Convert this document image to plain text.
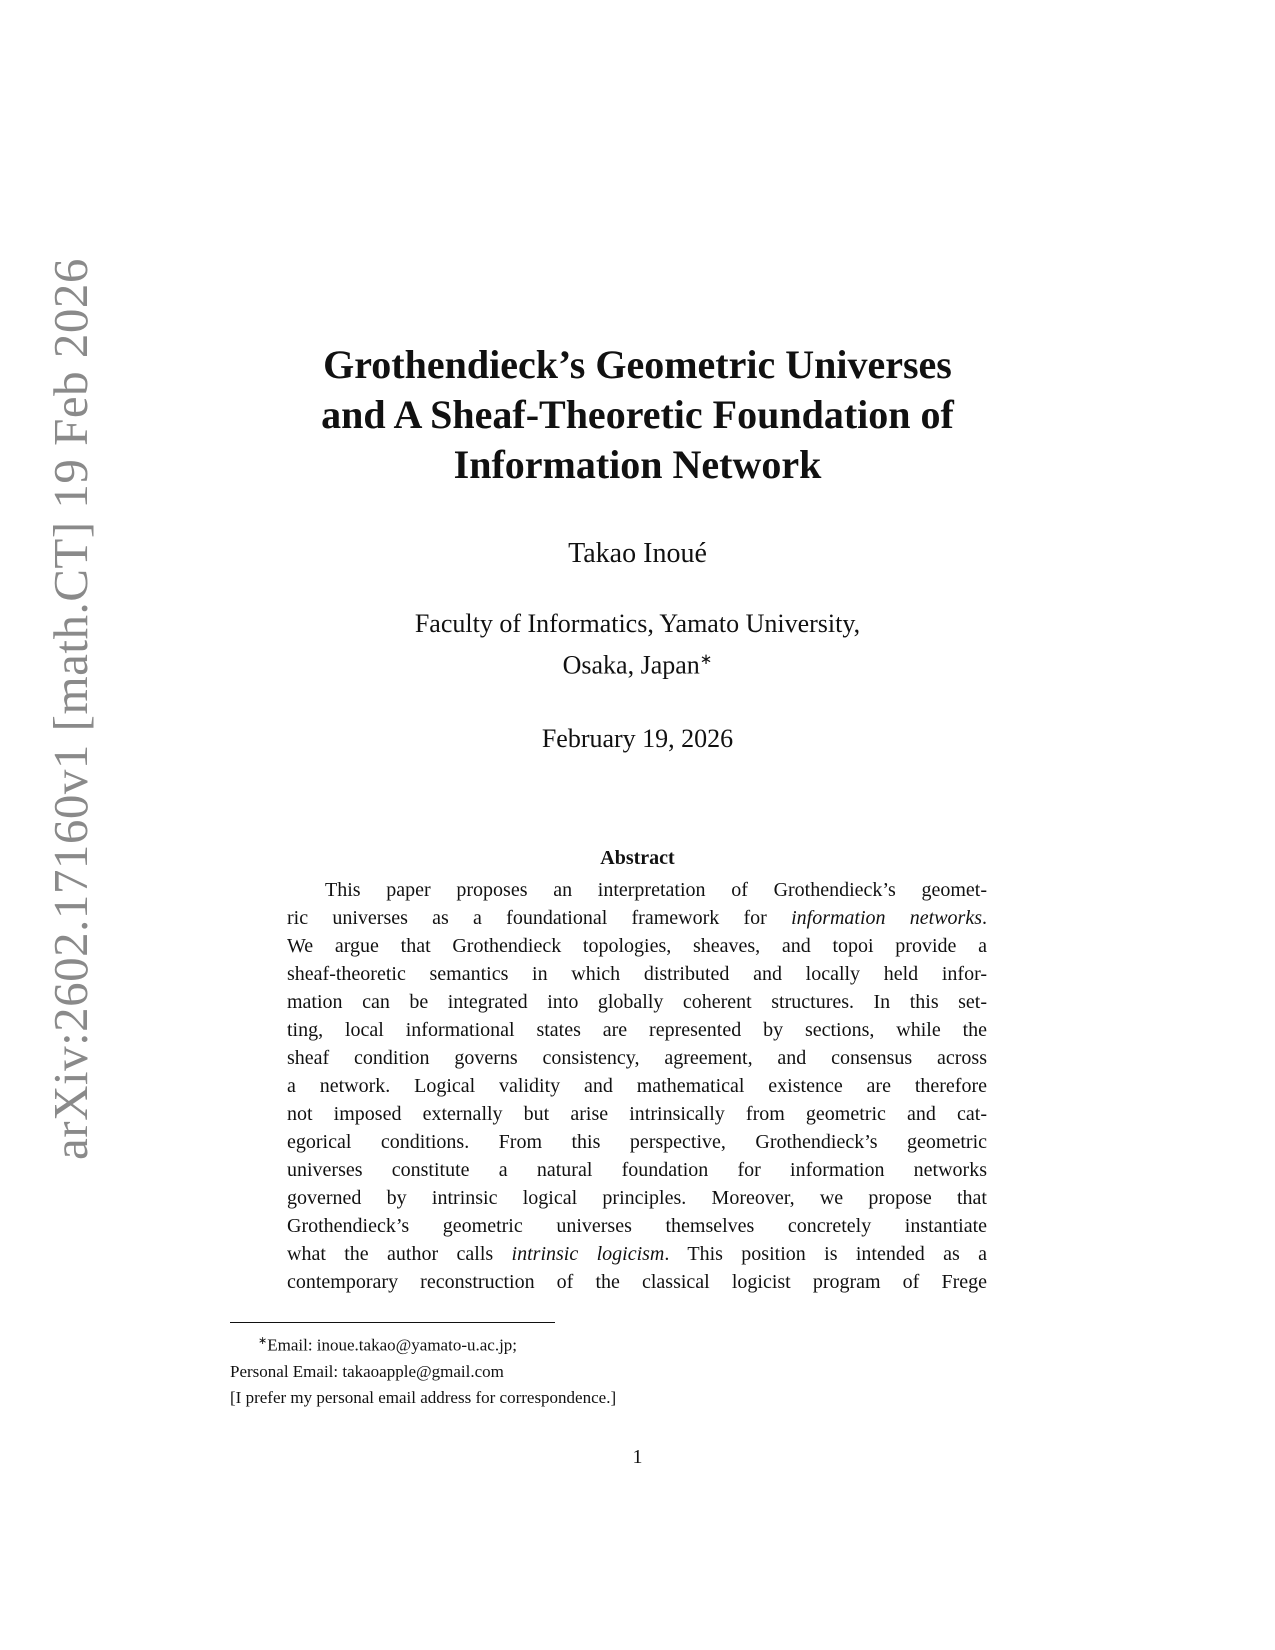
arXiv:2602.17160v1 [math.CT] 19 Feb 2026	Grothendieck’s Geometric Universes
and A Sheaf-Theoretic Foundation of
Information Network
Takao Inoué
Faculty of Informatics, Yamato University,
Osaka, Japan∗
February 19, 2026
Abstract
This paper proposes an interpretation of Grothendieck’s geomet-
ric universes as a foundational framework for information networks.
We argue that Grothendieck topologies, sheaves, and topoi provide a
sheaf-theoretic semantics in which distributed and locally held infor-
mation can be integrated into globally coherent structures. In this set-
ting, local informational states are represented by sections, while the
sheaf condition governs consistency, agreement, and consensus across
a network. Logical validity and mathematical existence are therefore
not imposed externally but arise intrinsically from geometric and cat-
egorical conditions. From this perspective, Grothendieck’s geometric
universes constitute a natural foundation for information networks
governed by intrinsic logical principles. Moreover, we propose that
Grothendieck’s geometric universes themselves concretely instantiate
what the author calls intrinsic logicism. This position is intended as a
contemporary reconstruction of the classical logicist program of Frege
∗Email: inoue.takao@yamato-u.ac.jp;
Personal Email: takaoapple@gmail.com
[I prefer my personal email address for correspondence.]
1
